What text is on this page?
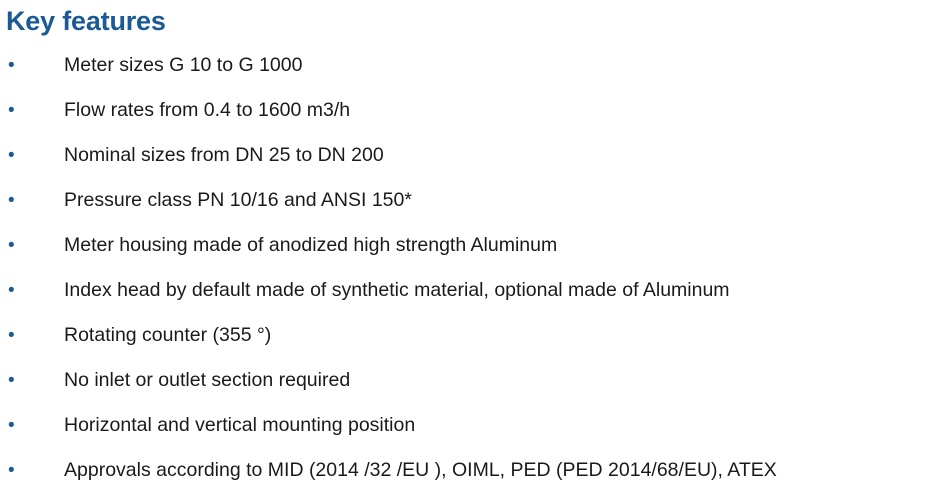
Key features
•	Meter sizes G 10 to G 1000
•	Flow rates from 0.4 to 1600 m3/h
•	Nominal sizes from DN 25 to DN 200
•	Pressure class PN 10/16 and ANSI 150*
•	Meter housing made of anodized high strength Aluminum
•	Index head by default made of synthetic material, optional made of Aluminum
•	Rotating counter (355 °)
•	No inlet or outlet section required
•	Horizontal and vertical mounting position
•	Approvals according to MID (2014 /32 /EU ), OIML, PED (PED 2014/68/EU), ATEX
